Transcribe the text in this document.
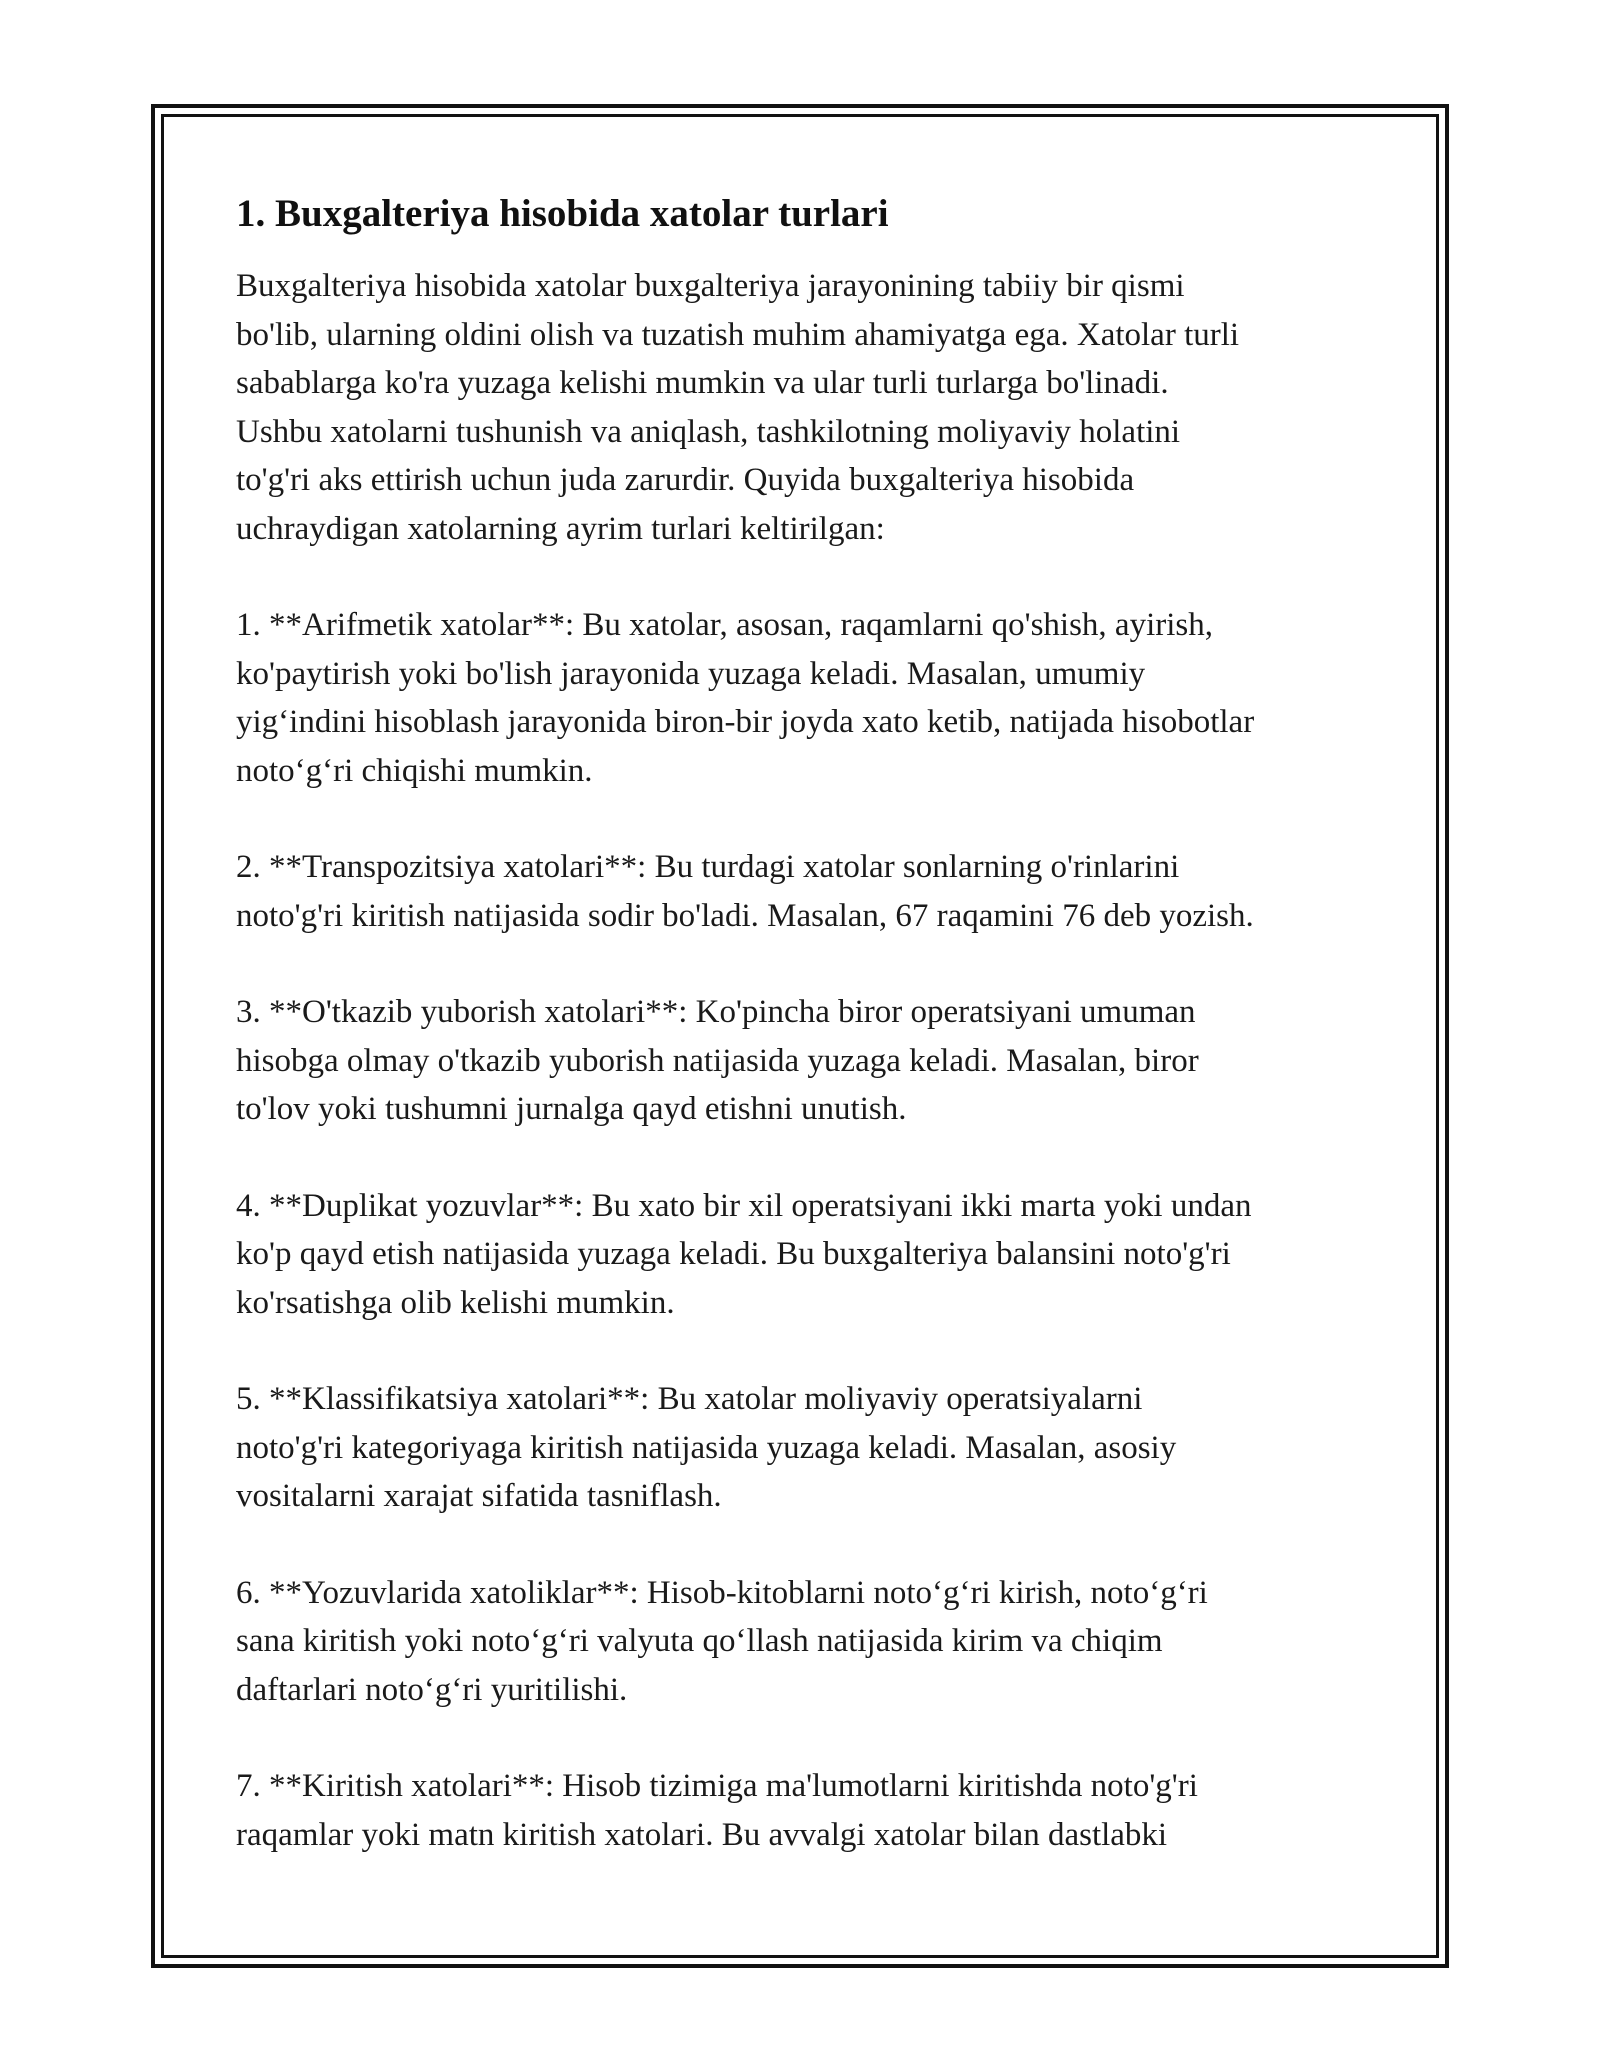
1. Buxgalteriya hisobida xatolar turlari

Buxgalteriya hisobida xatolar buxgalteriya jarayonining tabiiy bir qismi
bo'lib, ularning oldini olish va tuzatish muhim ahamiyatga ega. Xatolar turli
sabablarga ko'ra yuzaga kelishi mumkin va ular turli turlarga bo'linadi.
Ushbu xatolarni tushunish va aniqlash, tashkilotning moliyaviy holatini
to'g'ri aks ettirish uchun juda zarurdir. Quyida buxgalteriya hisobida
uchraydigan xatolarning ayrim turlari keltirilgan:

1. **Arifmetik xatolar**: Bu xatolar, asosan, raqamlarni qo'shish, ayirish,
ko'paytirish yoki bo'lish jarayonida yuzaga keladi. Masalan, umumiy
yig‘indini hisoblash jarayonida biron-bir joyda xato ketib, natijada hisobotlar
noto‘g‘ri chiqishi mumkin.

2. **Transpozitsiya xatolari**: Bu turdagi xatolar sonlarning o'rinlarini
noto'g'ri kiritish natijasida sodir bo'ladi. Masalan, 67 raqamini 76 deb yozish.

3. **O'tkazib yuborish xatolari**: Ko'pincha biror operatsiyani umuman
hisobga olmay o'tkazib yuborish natijasida yuzaga keladi. Masalan, biror
to'lov yoki tushumni jurnalga qayd etishni unutish.

4. **Duplikat yozuvlar**: Bu xato bir xil operatsiyani ikki marta yoki undan
ko'p qayd etish natijasida yuzaga keladi. Bu buxgalteriya balansini noto'g'ri
ko'rsatishga olib kelishi mumkin.

5. **Klassifikatsiya xatolari**: Bu xatolar moliyaviy operatsiyalarni
noto'g'ri kategoriyaga kiritish natijasida yuzaga keladi. Masalan, asosiy
vositalarni xarajat sifatida tasniflash.

6. **Yozuvlarida xatoliklar**: Hisob-kitoblarni noto‘g‘ri kirish, noto‘g‘ri
sana kiritish yoki noto‘g‘ri valyuta qo‘llash natijasida kirim va chiqim
daftarlari noto‘g‘ri yuritilishi.

7. **Kiritish xatolari**: Hisob tizimiga ma'lumotlarni kiritishda noto'g'ri
raqamlar yoki matn kiritish xatolari. Bu avvalgi xatolar bilan dastlabki
